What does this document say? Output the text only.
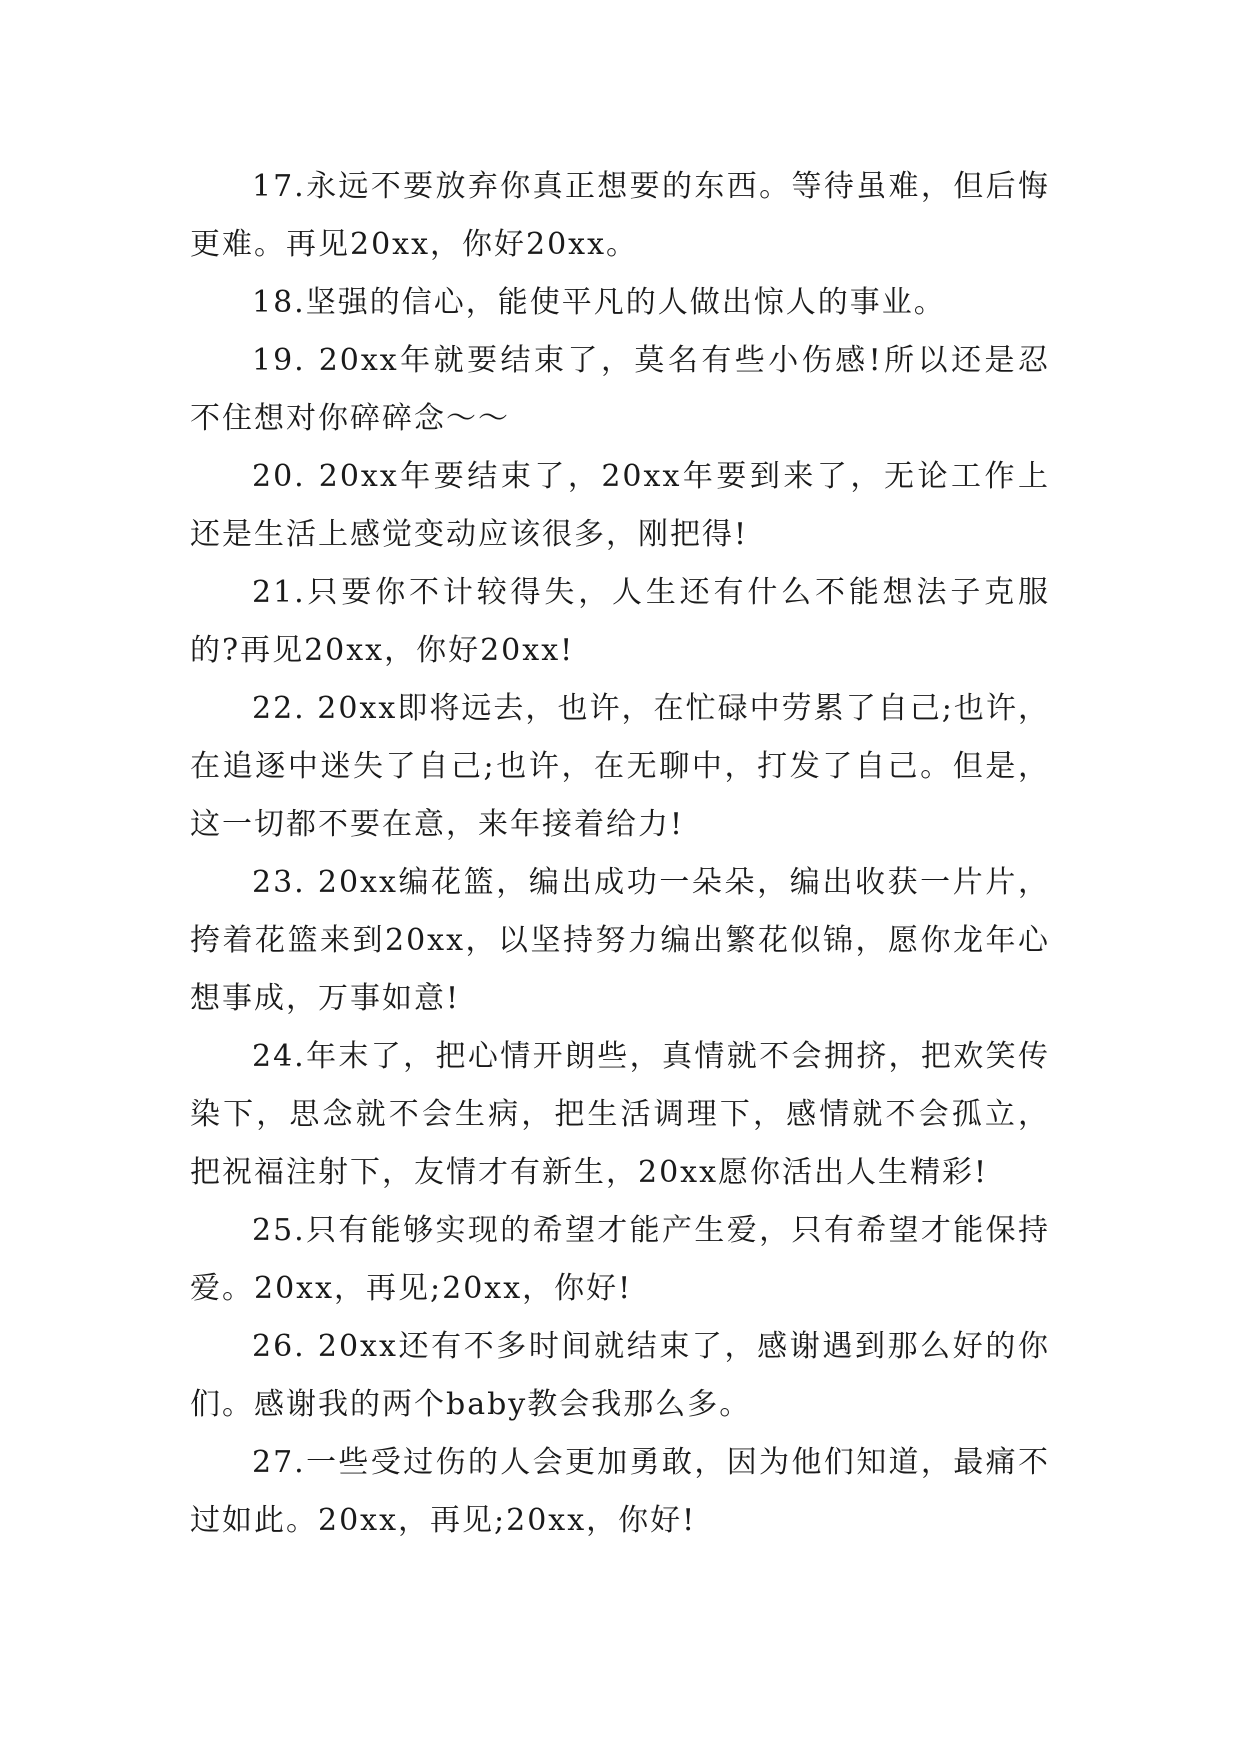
17.永远不要放弃你真正想要的东西。等待虽难，但后悔更难。再见20xx，你好20xx。

18.坚强的信心，能使平凡的人做出惊人的事业。

19. 20xx年就要结束了，莫名有些小伤感!所以还是忍不住想对你碎碎念～～

20. 20xx年要结束了，20xx年要到来了，无论工作上还是生活上感觉变动应该很多，刚把得!

21.只要你不计较得失，人生还有什么不能想法子克服的?再见20xx，你好20xx!

22. 20xx即将远去，也许，在忙碌中劳累了自己;也许，在追逐中迷失了自己;也许，在无聊中，打发了自己。但是，这一切都不要在意，来年接着给力!

23. 20xx编花篮，编出成功一朵朵，编出收获一片片，挎着花篮来到20xx，以坚持努力编出繁花似锦，愿你龙年心想事成，万事如意!

24.年末了，把心情开朗些，真情就不会拥挤，把欢笑传染下，思念就不会生病，把生活调理下，感情就不会孤立，把祝福注射下，友情才有新生，20xx愿你活出人生精彩!

25.只有能够实现的希望才能产生爱，只有希望才能保持爱。20xx，再见;20xx，你好!

26. 20xx还有不多时间就结束了，感谢遇到那么好的你们。感谢我的两个baby教会我那么多。

27.一些受过伤的人会更加勇敢，因为他们知道，最痛不过如此。20xx，再见;20xx，你好!
